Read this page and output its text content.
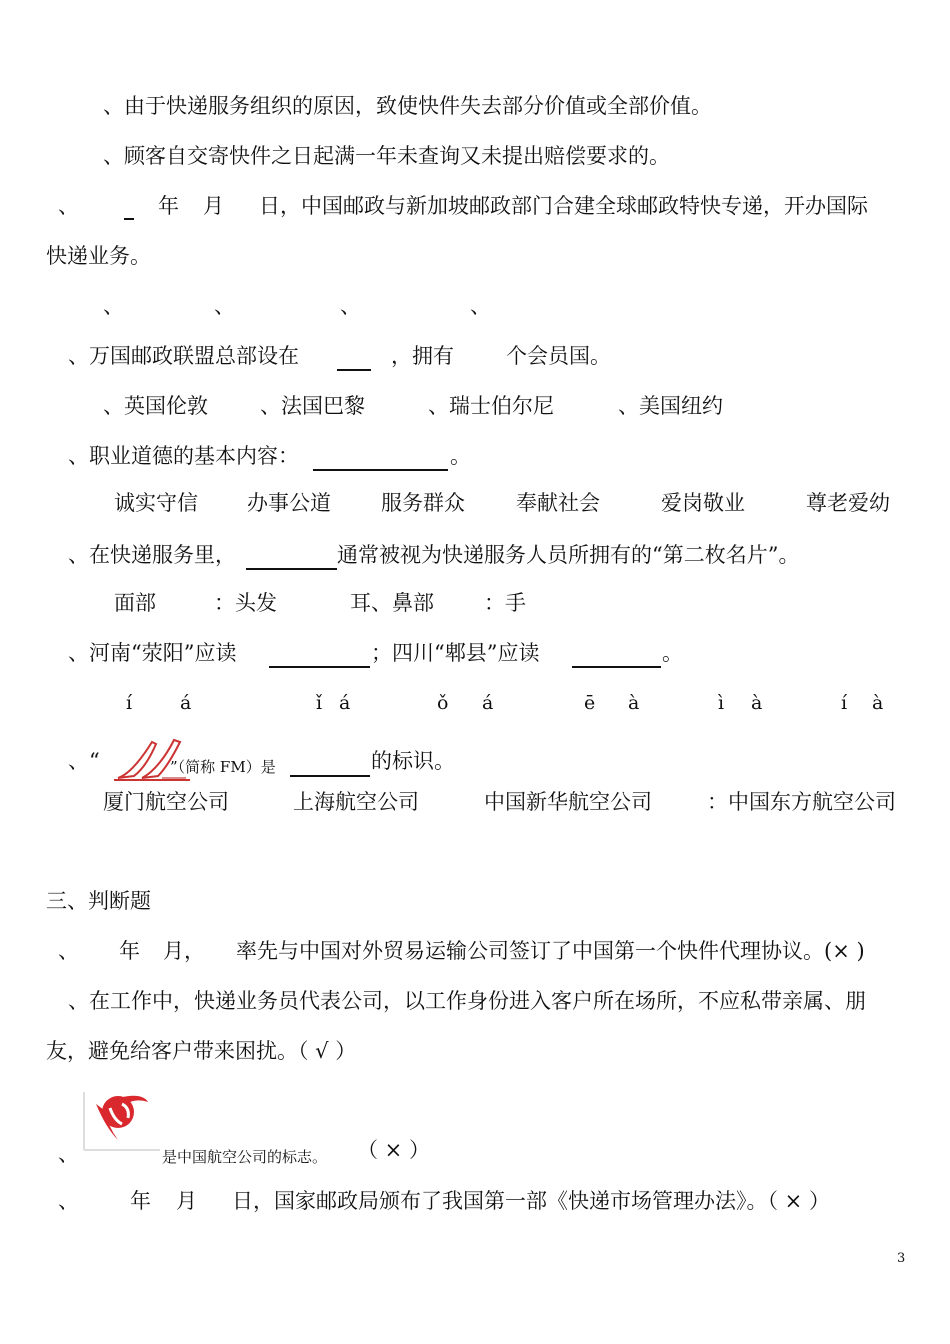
、由于快递服务组织的原因，致使快件失去部分价值或全部价值。
、顾客自交寄快件之日起满一年未查询又未提出赔偿要求的。
、	年 月 日，中国邮政与新加坡邮政部门合建全球邮政特快专递，开办国际
快递业务。
、	、	、	、
、万国邮政联盟总部设在	，拥有 个会员国。
、英国伦敦 、法国巴黎	、瑞士伯尔尼	、美国纽约
、职业道德的基本内容：	。
诚实守信 办事公道 服务群众 奉献社会	爱岗敬业	尊老爱幼
、在快递服务里，	通常被视为快递服务人员所拥有的“第二枚名片”。
面部	：头发	耳、鼻部 ：手
、河南“荥阳”应读	；四川“郫县”应读	。
í	á	ǐ á	ǒ á	ē à	ì à	í à
、“	”（简称 FM）是	的标识。
厦门航空公司	上海航空公司	中国新华航空公司	：中国东方航空公司
三、判断题
、 年 月， 率先与中国对外贸易运输公司签订了中国第一个快件代理协议。(× )
、在工作中，快递业务员代表公司，以工作身份进入客户所在场所，不应私带亲属、朋
友，避免给客户带来困扰。（ √ ）
、	是中国航空公司的标志。 （ × ）
、 年 月 日，国家邮政局颁布了我国第一部《快递市场管理办法》。（ × ）
3
